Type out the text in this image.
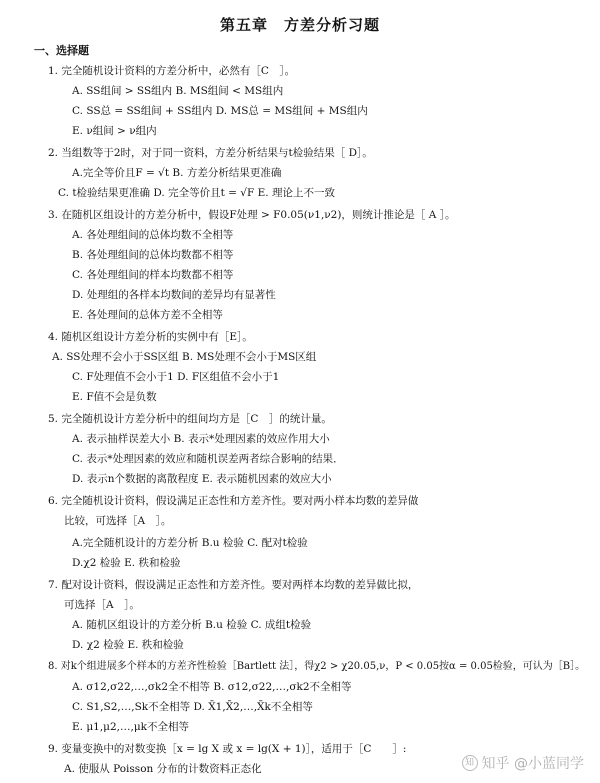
第五章　方差分析习题
一、选择题
1. 完全随机设计资料的方差分析中，必然有［C　］。
A. SS组间 > SS组内 B. MS组间 < MS组内
C. SS总 = SS组间 + SS组内 D. MS总 = MS组间 + MS组内
E. ν组间 > ν组内
2. 当组数等于2时，对于同一资料，方差分析结果与t检验结果［ D］。
A.完全等价且F = √t B. 方差分析结果更准确
C. t检验结果更准确 D. 完全等价且t = √F E. 理论上不一致
3. 在随机区组设计的方差分析中，假设F处理 > F0.05(ν1,ν2)，则统计推论是［ A ］。
A. 各处理组间的总体均数不全相等
B. 各处理组间的总体均数都不相等
C. 各处理组间的样本均数都不相等
D. 处理组的各样本均数间的差异均有显著性
E. 各处理间的总体方差不全相等
4. 随机区组设计方差分析的实例中有［E］。
A. SS处理不会小于SS区组 B. MS处理不会小于MS区组
C. F处理值不会小于1 D. F区组值不会小于1
E. F值不会是负数
5. 完全随机设计方差分析中的组间均方是［C　］的统计量。
A. 表示抽样误差大小 B. 表示*处理因素的效应作用大小
C. 表示*处理因素的效应和随机误差两者综合影响的结果．
D. 表示n个数据的离散程度 E. 表示随机因素的效应大小
6. 完全随机设计资料，假设满足正态性和方差齐性。要对两小样本均数的差异做
比较，可选择［A　］。
A.完全随机设计的方差分析 B.u 检验 C. 配对t检验
D.χ2 检验 E. 秩和检验
7. 配对设计资料，假设满足正态性和方差齐性。要对两样本均数的差异做比拟，
可选择［A　］。
A. 随机区组设计的方差分析 B.u 检验 C. 成组t检验
D. χ2 检验 E. 秩和检验
8. 对k个组进展多个样本的方差齐性检验［Bartlett 法］，得χ2 > χ20.05,ν，P < 0.05按α = 0.05检验，可认为［B］。
A. σ12,σ22,…,σk2全不相等 B. σ12,σ22,…,σk2不全相等
C. S1,S2,…,Sk不全相等 D. X̄1,X̄2,…,X̄k不全相等
E. μ1,μ2,…,μk不全相等
9. 变量变换中的对数变换［x = lg X 或 x = lg(X + 1)］，适用于［C　　］:
A. 使服从 Poisson 分布的计数资料正态化	知 知乎 @小蓝同学
